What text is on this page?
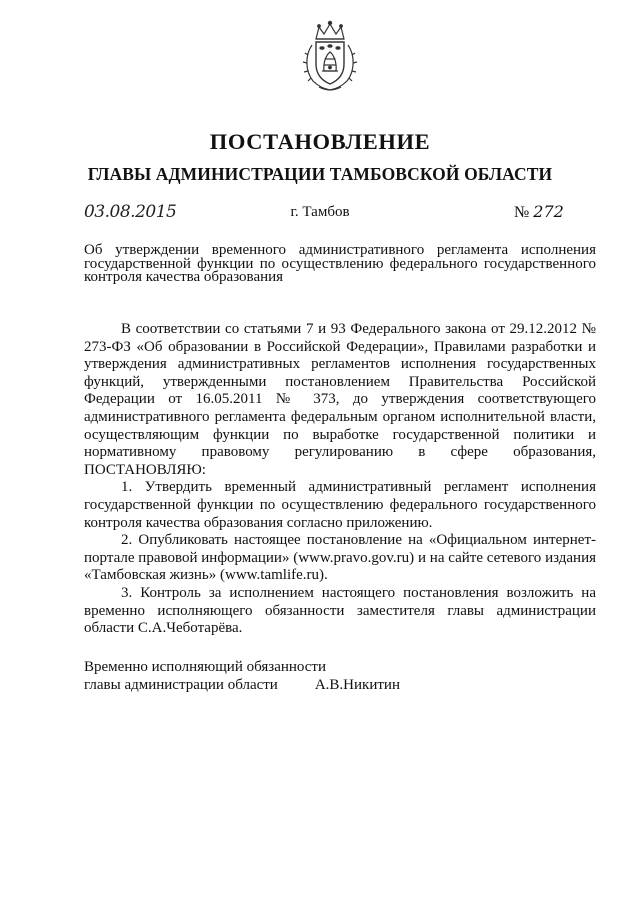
ПОСТАНОВЛЕНИЕ
ГЛАВЫ АДМИНИСТРАЦИИ ТАМБОВСКОЙ ОБЛАСТИ
03.08.2015	г. Тамбов	№ 272
Об утверждении временного административного регламента исполнения государственной функции по осуществлению федерального государственного контроля качества образования

В соответствии со статьями 7 и 93 Федерального закона от 29.12.2012 № 273-ФЗ «Об образовании в Российской Федерации», Правилами разработки и утверждения административных регламентов исполнения государственных функций, утвержденными постановлением Правительства Российской Федерации от 16.05.2011 № 373, до утверждения соответствующего административного регламента федеральным органом исполнительной власти, осуществляющим функции по выработке государственной политики и нормативному правовому регулированию в сфере образования, ПОСТАНОВЛЯЮ:

1. Утвердить временный административный регламент исполнения государственной функции по осуществлению федерального государственного контроля качества образования согласно приложению.

2. Опубликовать настоящее постановление на «Официальном интернет-портале правовой информации» (www.pravo.gov.ru) и на сайте сетевого издания «Тамбовская жизнь» (www.tamlife.ru).

3. Контроль за исполнением настоящего постановления возложить на временно исполняющего обязанности заместителя главы администрации области С.А.Чеботарёва.

Временно исполняющий обязанности
главы администрации области А.В.Никитин
